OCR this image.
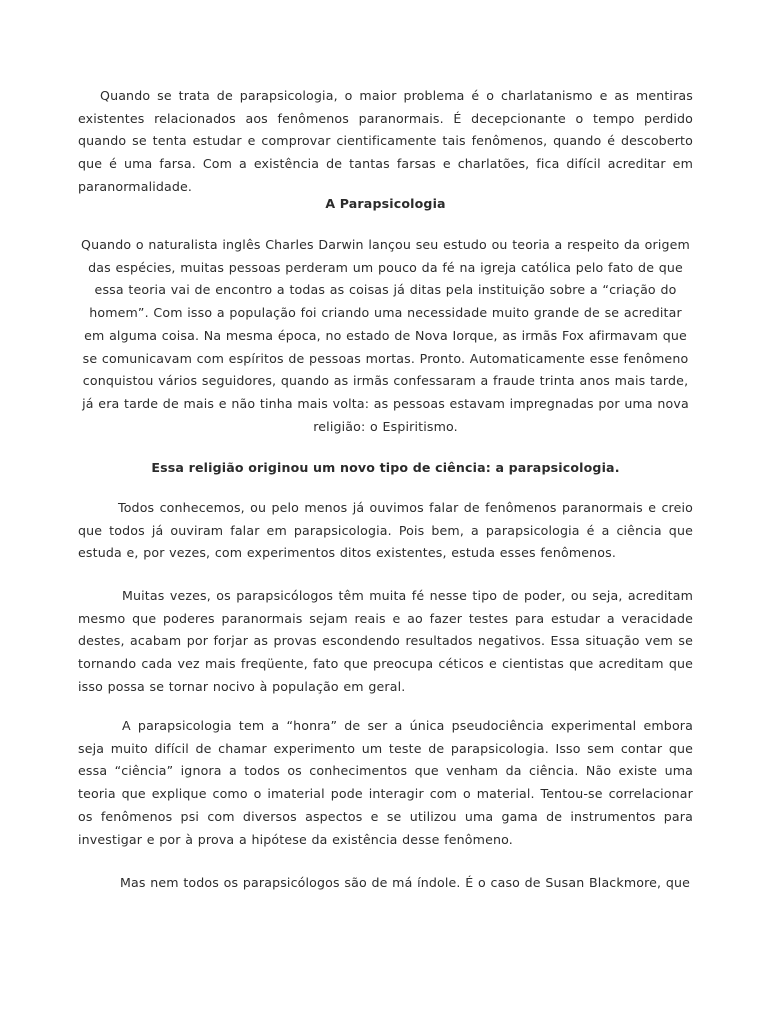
Quando se trata de parapsicologia, o maior problema é o charlatanismo e as mentiras existentes relacionados aos fenômenos paranormais. É decepcionante o tempo perdido quando se tenta estudar e comprovar cientificamente tais fenômenos, quando é descoberto que é uma farsa. Com a existência de tantas farsas e charlatões, fica difícil acreditar em paranormalidade.

A Parapsicologia

Quando o naturalista inglês Charles Darwin lançou seu estudo ou teoria a respeito da origem das espécies, muitas pessoas perderam um pouco da fé na igreja católica pelo fato de que essa teoria vai de encontro a todas as coisas já ditas pela instituição sobre a “criação do homem”. Com isso a população foi criando uma necessidade muito grande de se acreditar em alguma coisa. Na mesma época, no estado de Nova Iorque, as irmãs Fox afirmavam que se comunicavam com espíritos de pessoas mortas. Pronto. Automaticamente esse fenômeno conquistou vários seguidores, quando as irmãs confessaram a fraude trinta anos mais tarde, já era tarde de mais e não tinha mais volta: as pessoas estavam impregnadas por uma nova religião: o Espiritismo.

Essa religião originou um novo tipo de ciência: a parapsicologia.

Todos conhecemos, ou pelo menos já ouvimos falar de fenômenos paranormais e creio que todos já ouviram falar em parapsicologia. Pois bem, a parapsicologia é a ciência que estuda e, por vezes, com experimentos ditos existentes, estuda esses fenômenos.

Muitas vezes, os parapsicólogos têm muita fé nesse tipo de poder, ou seja, acreditam mesmo que poderes paranormais sejam reais e ao fazer testes para estudar a veracidade destes, acabam por forjar as provas escondendo resultados negativos. Essa situação vem se tornando cada vez mais freqüente, fato que preocupa céticos e cientistas que acreditam que isso possa se tornar nocivo à população em geral.

A parapsicologia tem a “honra” de ser a única pseudociência experimental embora seja muito difícil de chamar experimento um teste de parapsicologia. Isso sem contar que essa “ciência” ignora a todos os conhecimentos que venham da ciência. Não existe uma teoria que explique como o imaterial pode interagir com o material. Tentou-se correlacionar os fenômenos psi com diversos aspectos e se utilizou uma gama de instrumentos para investigar e por à prova a hipótese da existência desse fenômeno.

Mas nem todos os parapsicólogos são de má índole. É o caso de Susan Blackmore, que
